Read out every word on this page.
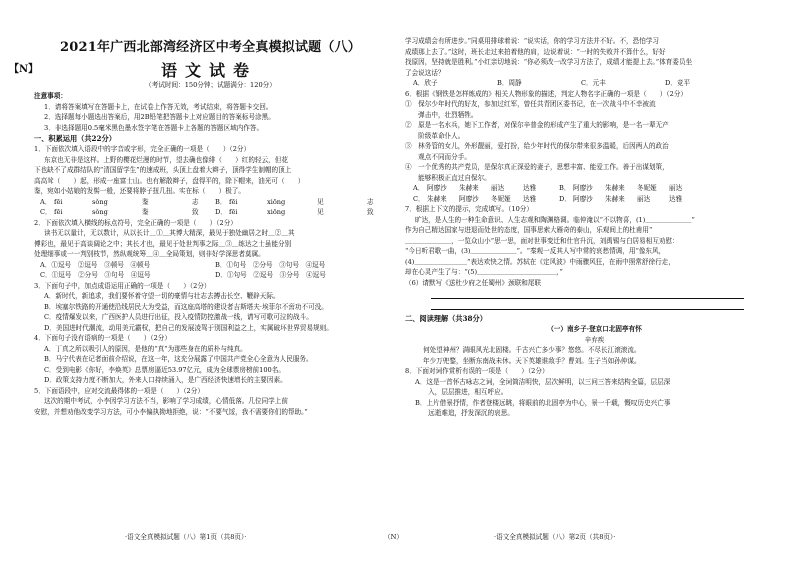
2021年广西北部湾经济区中考全真模拟试题（八）
【N】	语文试卷
（考试时间：150分钟；试题满分：120分）
注意事项：
1．请将答案填写在答题卡上，在试卷上作答无效，考试结束，将答题卡交回。
2．选择题每小题选出答案后，用2B铅笔把答题卡上对应题目的答案标号涂黑。
3．非选择题用0.5毫米黑色墨水签字笔在答题卡上各题的答题区域内作答。
一、积累运用（共22分）
1．下面依次填入语段中的字音或字形，完全正确的一项是（　　）（2分）
东京也无非是这样。上野的樱花烂漫的时节，望去确也像绯（　　）红的轻云，但花
下也缺不了成群结队的“清国留学生”的速成班，头顶上盘着大辫子，顶得学生制帽的顶上
高高耸（　　）起，形成一座富士山。也有解散辫子，盘得平的，除下帽来，油光可（　　）
鉴，宛如小姑娘的发髻一般，还要将脖子扭几扭。实在标（　　）极了。
A． fēi	sǒng	鉴	志
C． fēi	sǒng	鉴	致
B． fēi	xiōng	见	志
D． fēi	xiōng	见	致
2．下面依次填入横线的标点符号，完全正确的一项是（　　）（2分）
读书无以量计，无以数计，从以长计＿①＿其博大精深，最见于独处幽居之时＿②＿其
傅彩也，最见于高谈阔论之中；其长才也，最见于处世判事之际＿③＿练达之士虽能分别
处理细事或一一判别枝节，然纵观统筹＿④＿全局策划，则非好学深思者莫属。
A．①逗号　②逗号　③顿号　④顿号	B．①句号　②分号　③句号　④逗号
C．①逗号　②分号　③句号　④逗号	D．①句号　②逗号　③分号　④逗号
3．下面句子中，加点成语运用正确的一项是（　　）（2分）
A．新时代，新追求，我们要怀着守望一切的豪情与壮志去搏击长空、鞭辟天际。
B．埃塞尔铁路的开通使沿线居民大为受益，而这座高塔的建设者吉斯塔夫·埃菲尔不啻功不可没。
C．疫情爆发以来，广西医护人员进行出征，投入疫情防控激战一线，请写可歌可泣的战斗。
D．美国进时代潮流，动用美元霸权，把自己的发展凌驾于别国利益之上，实属破坏世界贸易规则。
4．下面句子没有语病的一项是（　　）（2分）
A．丁真之所以吸引人的原因，是他的“真”为那些身在的质朴与纯真。
B．马宁代表在记者面前介绍说，在这一年，这充分展露了中国共产党全心全意为人民服务。
C．受到电影《你好，李焕英》总票房逼近53.97亿元，成为全球票房榜前100名。
D．政策支持力度不断加大，外来人口持续涌入，是广西经济快速增长的主要因素。
5．下面语段中，应对交流最得体的一项是（　　）（2分）
这次的期中考试，小李因学习方法不当，影响了学习成绩，心情低落。几位同学上前
安慰，并想劝他改变学习方法，可小李偏执拗地拒绝，说：“不要气馁，我不需要你们的帮助。”
·语文全真模拟试题（八）第1页（共8页）·	（N）
学习成绩会有所进步。”同桌用排球着说：“说实话，你的学习方法并不好。不，恐怕学习
成绩那上去了。”这时，班长走过来拍着他的肩，边说着说：“一时的失败并不算什么，好好
找原因，坚持就是胜利。”小红亲切地说：“你必须改一改学习方法了，成绩才能提上去。”体育委员坐
了会说这话？
A．欣子	B．周静	C．元丰	D．竞平
6．根据《钢铁是怎样炼成的》相关人物形象的描述，判定人物名字正确的一项是（　　）（2分）
①　保尔少年时代的好友，参加过红军，曾任共青团区委书记，在一次战斗中不幸被流
　　弹击中，壮烈牺牲。
②　原是一名水兵，她下工作者，对保尔辛普金的形成产生了重大的影响，是一名一辈无产
　　阶级革命仆人。
③　林务管的女儿，外形靓丽，爱打扮，给少年时代的保尔带来很多温暖，后因两人的政治
　　观点不同而分手。
④　一个优秀的共产党员，是保尔真正深爱的妻子，思想丰富、能爱工作。善于出谋划策，
　　能够积极正直过自保尔。
A． 阿廖沙	朱赫来	丽达	达雅	B． 阿廖沙	朱赫来	冬妮娅	丽达
C． 朱赫来	阿廖沙	冬妮娅	达雅	D． 阿廖沙	朱赫来	丽达	达雅
7．根据上下文的提示，完成填写。（10分）
旷达，是人生的一种生命意识、人生志观和陶渊格调。临仲淹以“不以物喜，(1)＿＿＿＿＿＿＿”
作为自己精达国家与进退而处世的态度，国事思索大雁奇的泰山，乐观间上的杜甫用“
＿＿＿＿＿＿＿，一览众山小”思一思，面对世事变迁和仕官升沉，刘禹锡与白居易相互劝慰：
“今日听君歌一曲，(3)＿＿＿＿＿＿＿”。“秦观一反其人写中常的哀愁情调，用“像东风，
(4)＿＿＿＿＿＿＿＿”表达欢快之情。苏轼在《定风波》中雨骤风狂，在雨中照常舒徐行走，
却在心灵产生了与：“(5)＿＿＿＿＿＿＿＿＿＿＿＿，”
（6）请默写《送杜少府之任蜀州》颈联和尾联
二、阅读理解（共38分）
（一）南乡子·登京口北固亭有怀
辛弃疾
何处望神州？满眼风光北固楼。千古兴亡多少事？悠悠。不尽长江滚滚流。
年少万兜鍪，坐断东南战未休。天下英雄谁敌手？曹刘。生子当如孙仲谋。
8．下面对词作赏析有误的一项是（　　）（2分）
A．这是一首怀古咏志之词，全词简洁明快，层次鲜明，以三问三答来结构全篇，层层深
　　入，层层推进，相互呼应。
B．上片借景抒情，作者登楼远眺，将眼前的北固亭为中心，景一千载，慨叹历史兴亡事
　　远逝难追，抒发深沉的哀思。
·语文全真模拟试题（八）第2页（共8页）·
